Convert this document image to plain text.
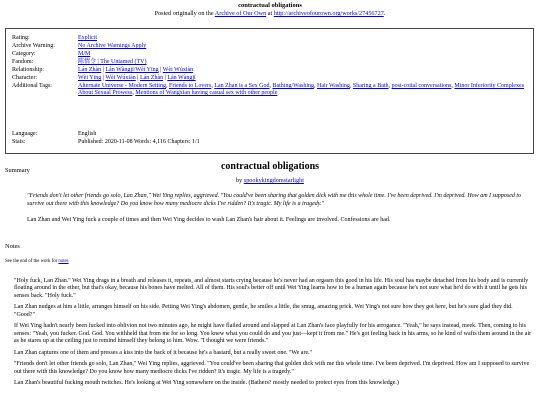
contractual obligations
Posted originally on the Archive of Our Own at http://archiveofourown.org/works/27456727.
Rating:	Explicit
Archive Warning:	No Archive Warnings Apply
Category:	M/M
Fandom:	陈情令 | The Untamed (TV)
Relationship:	Lán Zhàn | Lán Wàngjī/Wèi Yīng | Wèi Wúxiàn
Character:	Wèi Yīng | Wèi Wúxiàn | Lán Zhàn | Lán Wàngjī
Additional Tags:	Alternate Universe - Modern Setting, Friends to Lovers, Lan Zhan is a Sex God, Bathing/Washing, Hair Washing, Sharing a Bath, post-coital conversations, Minor Inferiority Complexes About Sexual Prowess, Mentions of Wangxian having casual sex with other people
Language:	English
Stats:	Published: 2020-11-08 Words: 4,116 Chapters: 1/1
contractual obligations
by spookykingdomstarlight
Summary

"Friends don't let other friends go solo, Lan Zhan," Wei Ying replies, aggrieved. "You could've been sharing that golden dick with me this whole time. I've been deprived. I'm deprived. How am I supposed to survive out there with this knowledge? Do you know how many mediocre dicks I've ridden? It's tragic. My life is a tragedy."

Lan Zhan and Wei Ying fuck a couple of times and then Wei Ying decides to wash Lan Zhan's hair about it. Feelings are involved. Confessions are had.

Notes
See the end of the work for notes

"Holy fuck, Lan Zhan." Wei Ying drags in a breath and releases it, repeats, and almost starts crying because he's never had an orgasm this good in his life. His soul has maybe detached from his body and is currently floating around in the ether, but that's okay, because his bones have melted. All of them. His soul's better off until Wei Ying learns how to be a human again because he's not sure what he'd do with it until he gets his senses back. "Holy fuck."

Lan Zhan nudges at him a little, arranges himself on his side. Petting Wei Ying's abdomen, gentle, he smiles a little, the smug, amazing prick. Wei Ying's not sure how they got here, but he's sure glad they did. "Good?"

If Wei Ying hadn't nearly been fucked into oblivion not two minutes ago, he might have flailed around and slapped at Lan Zhan's face playfully for his arrogance. "Yeah," he says instead, meek. Then, coming to his senses: "Yeah, you fucker. God. God. You withheld that from me for so long. You knew what you could do and you just—kept it from me." He's got feeling back in his arms, so he kind of wafts them around in the air as he stares up at the ceiling just to remind himself they belong to him. Wow. "I thought we were friends."

Lan Zhan captures one of them and presses a kiss into the back of it because he's a bastard, but a really sweet one. "We are."

"Friends don't let other friends go solo, Lan Zhan," Wei Ying replies, aggrieved. "You could've been sharing that golden dick with me this whole time. I've been deprived. I'm deprived. How am I supposed to survive out there with this knowledge? Do you know how many mediocre dicks I've ridden? It's tragic. My life is a tragedy."

Lan Zhan's beautiful fucking mouth twitches. He's looking at Wei Ying somewhere on the inside. (Bathers? mostly needed to protect eyes from this knowledge.)
